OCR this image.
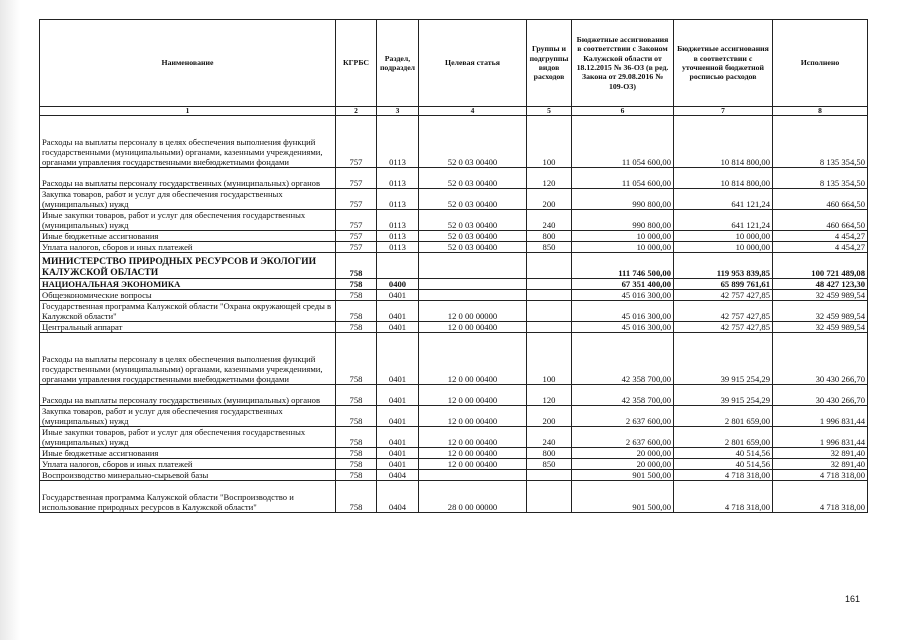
Наименование	КГРБС	Раздел, подраздел	Целевая статья	Группы и подгруппы видов расходов	Бюджетные ассигнования в соответствии с Законом Калужской области от 18.12.2015 № 36-ОЗ (в ред. Закона от 29.08.2016 № 109-ОЗ)	Бюджетные ассигнования в соответствии с уточненной бюджетной росписью расходов	Исполнено
1	2	3	4	5	6	7	8
Расходы на выплаты персоналу в целях обеспечения выполнения функций государственными (муниципальными) органами, казенными учреждениями, органами управления государственными внебюджетными фондами	757	0113	52 0 03 00400	100	11 054 600,00	10 814 800,00	8 135 354,50
Расходы на выплаты персоналу государственных (муниципальных) органов	757	0113	52 0 03 00400	120	11 054 600,00	10 814 800,00	8 135 354,50
Закупка товаров, работ и услуг для обеспечения государственных (муниципальных) нужд	757	0113	52 0 03 00400	200	990 800,00	641 121,24	460 664,50
Иные закупки товаров, работ и услуг для обеспечения государственных (муниципальных) нужд	757	0113	52 0 03 00400	240	990 800,00	641 121,24	460 664,50
Иные бюджетные ассигнования	757	0113	52 0 03 00400	800	10 000,00	10 000,00	4 454,27
Уплата налогов, сборов и иных платежей	757	0113	52 0 03 00400	850	10 000,00	10 000,00	4 454,27
МИНИСТЕРСТВО ПРИРОДНЫХ РЕСУРСОВ И ЭКОЛОГИИ КАЛУЖСКОЙ ОБЛАСТИ	758				111 746 500,00	119 953 839,85	100 721 489,08
НАЦИОНАЛЬНАЯ ЭКОНОМИКА	758	0400			67 351 400,00	65 899 761,61	48 427 123,30
Общеэкономические вопросы	758	0401			45 016 300,00	42 757 427,85	32 459 989,54
Государственная программа Калужской области "Охрана окружающей среды в Калужской области"	758	0401	12 0 00 00000		45 016 300,00	42 757 427,85	32 459 989,54
Центральный аппарат	758	0401	12 0 00 00400		45 016 300,00	42 757 427,85	32 459 989,54
Расходы на выплаты персоналу в целях обеспечения выполнения функций государственными (муниципальными) органами, казенными учреждениями, органами управления государственными внебюджетными фондами	758	0401	12 0 00 00400	100	42 358 700,00	39 915 254,29	30 430 266,70
Расходы на выплаты персоналу государственных (муниципальных) органов	758	0401	12 0 00 00400	120	42 358 700,00	39 915 254,29	30 430 266,70
Закупка товаров, работ и услуг для обеспечения государственных (муниципальных) нужд	758	0401	12 0 00 00400	200	2 637 600,00	2 801 659,00	1 996 831,44
Иные закупки товаров, работ и услуг для обеспечения государственных (муниципальных) нужд	758	0401	12 0 00 00400	240	2 637 600,00	2 801 659,00	1 996 831,44
Иные бюджетные ассигнования	758	0401	12 0 00 00400	800	20 000,00	40 514,56	32 891,40
Уплата налогов, сборов и иных платежей	758	0401	12 0 00 00400	850	20 000,00	40 514,56	32 891,40
Воспроизводство минерально-сырьевой базы	758	0404			901 500,00	4 718 318,00	4 718 318,00
Государственная программа Калужской области "Воспроизводство и использование природных ресурсов в Калужской области"	758	0404	28 0 00 00000		901 500,00	4 718 318,00	4 718 318,00
161
